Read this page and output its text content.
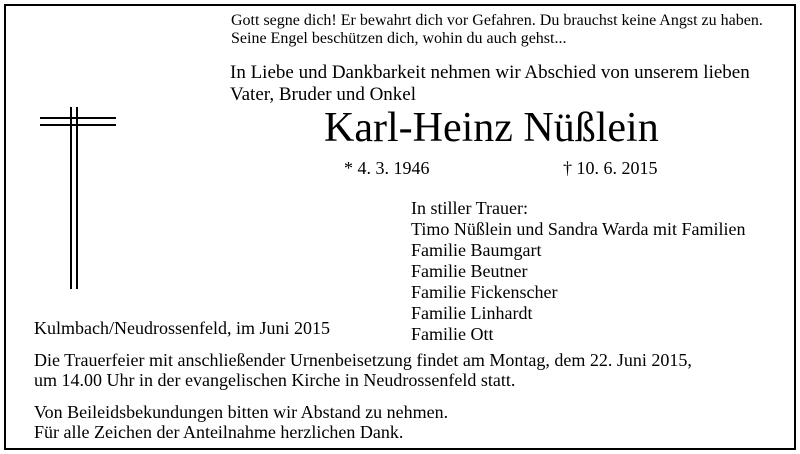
Gott segne dich! Er bewahrt dich vor Gefahren. Du brauchst keine Angst zu haben.
Seine Engel beschützen dich, wohin du auch gehst...
In Liebe und Dankbarkeit nehmen wir Abschied von unserem lieben
Vater, Bruder und Onkel
Karl-Heinz Nüßlein
* 4. 3. 1946	† 10. 6. 2015
In stiller Trauer:
Timo Nüßlein und Sandra Warda mit Familien
Familie Baumgart
Familie Beutner
Familie Fickenscher
Familie Linhardt
Familie Ott
Kulmbach/Neudrossenfeld, im Juni 2015
Die Trauerfeier mit anschließender Urnenbeisetzung findet am Montag, dem 22. Juni 2015,
um 14.00 Uhr in der evangelischen Kirche in Neudrossenfeld statt.
Von Beileidsbekundungen bitten wir Abstand zu nehmen.
Für alle Zeichen der Anteilnahme herzlichen Dank.
